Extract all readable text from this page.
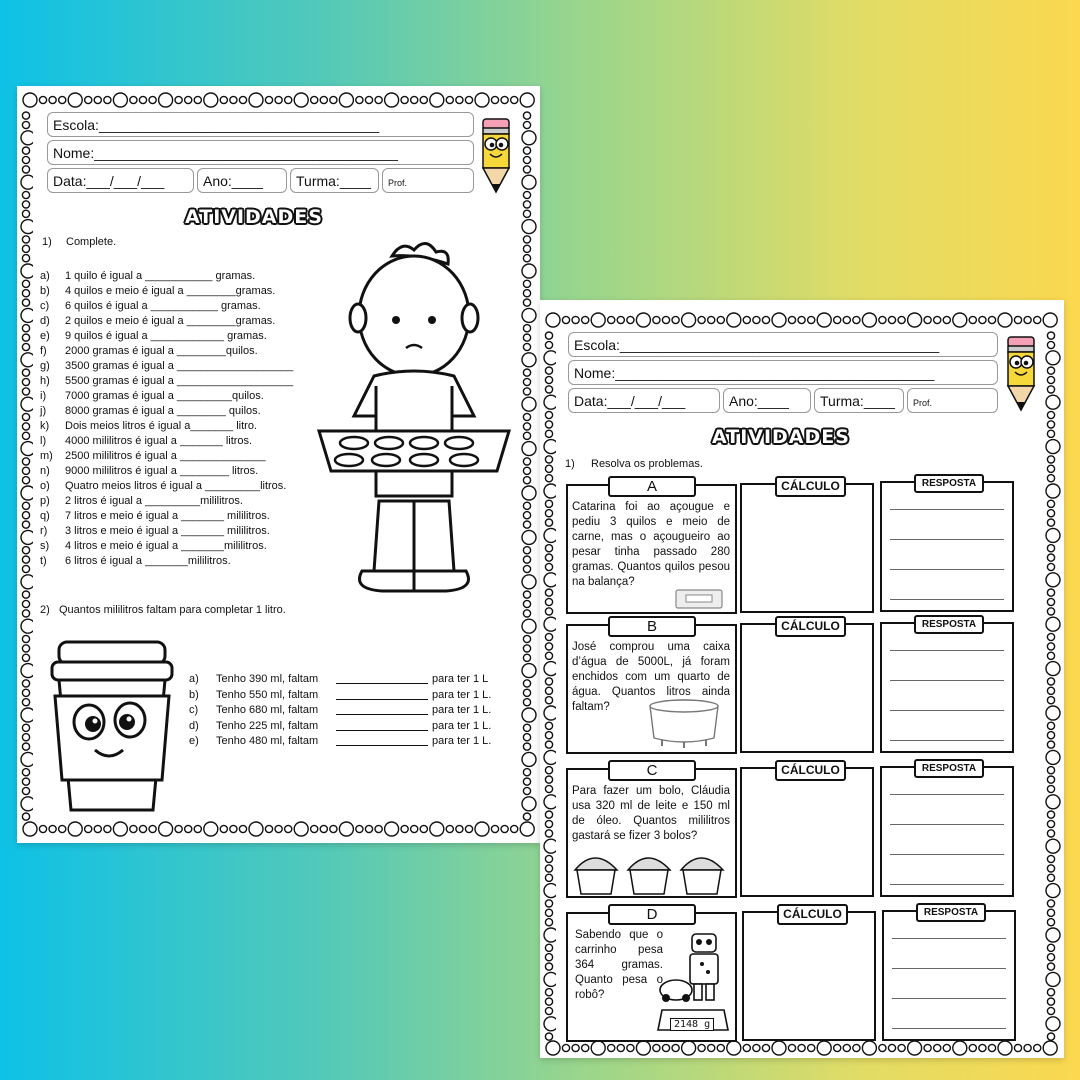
Escola:____________________________________
Nome:_______________________________________
Data:___/___/___	Ano:____	Turma:____	Prof.
ATIVIDADES
1) Complete.
a)	1 quilo é igual a ___________ gramas.
b)	4 quilos e meio é igual a ________gramas.
c)	6 quilos é igual a ___________ gramas.
d)	2 quilos e meio é igual a ________gramas.
e)	9 quilos é igual a ____________ gramas.
f)	2000 gramas é igual a ________quilos.
g)	3500 gramas é igual a ___________________
h)	5500 gramas é igual a ___________________
i)	7000 gramas é igual a _________quilos.
j)	8000 gramas é igual a ________ quilos.
k)	Dois meios litros é igual a_______ litro.
l)	4000 mililitros é igual a _______ litros.
m)	2500 mililitros é igual a ______________
n)	9000 mililitros é igual a ________ litros.
o)	Quatro meios litros é igual a _________litros.
p)	2 litros é igual a _________mililitros.
q)	7 litros e meio é igual a _______ mililitros.
r)	3 litros e meio é igual a _______ mililitros.
s)	4 litros e meio é igual a _______mililitros.
t)	6 litros é igual a _______mililitros.
2) Quantos mililitros faltam para completar 1 litro.
a)	Tenho 390 ml, faltam	para ter 1 L
b)	Tenho 550 ml, faltam	para ter 1 L.
c)	Tenho 680 ml, faltam	para ter 1 L.
d)	Tenho 225 ml, faltam	para ter 1 L.
e)	Tenho 480 ml, faltam	para ter 1 L.
Escola:_________________________________________
Nome:_________________________________________
Data:___/___/___	Ano:____	Turma:____	Prof.
ATIVIDADES
1) Resolva os problemas.
A
Catarina foi ao açougue e pediu 3 quilos e meio de carne, mas o açougueiro ao pesar tinha passado 280 gramas. Quantos quilos pesou na balança?
CÁLCULO	RESPOSTA
B
José comprou uma caixa d’água de 5000L, já foram enchidos com um quarto de água. Quantos litros ainda faltam?
CÁLCULO	RESPOSTA
C
Para fazer um bolo, Cláudia usa 320 ml de leite e 150 ml de óleo. Quantos mililitros gastará se fizer 3 bolos?
CÁLCULO	RESPOSTA
D
Sabendo que o carrinho pesa 364 gramas. Quanto pesa o robô?
2148 g
CÁLCULO	RESPOSTA
